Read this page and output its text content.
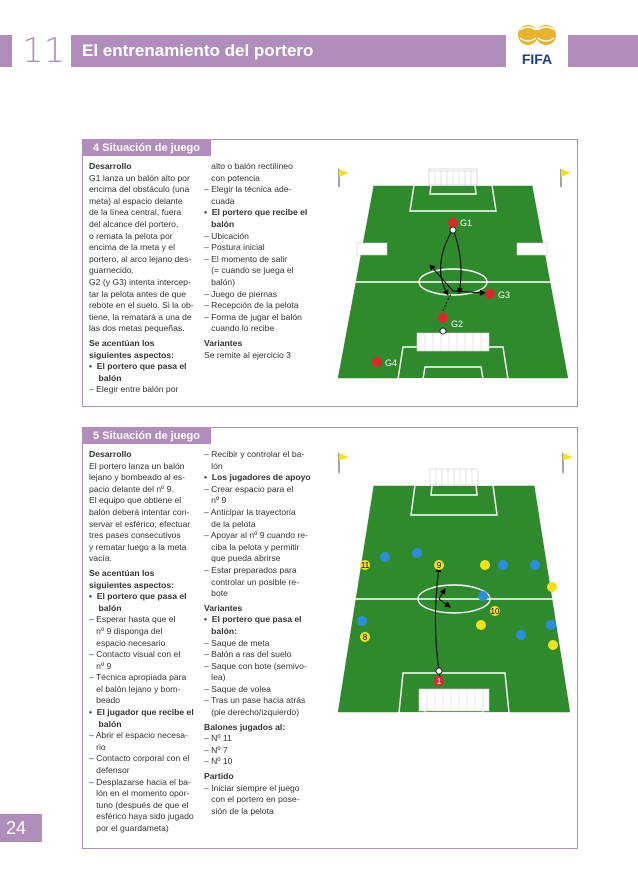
11 El entrenamiento del portero	FIFA
24
4 Situación de juego

Desarrollo

G1 lanza un balón alto por

encima del obstáculo (una

meta) al espacio delante

de la línea central, fuera

del alcance del portero,

o remata la pelota por

encima de la meta y el

portero, al arco lejano des-

guarnecido.

G2 (y G3) intenta intercep-

tar la pelota antes de que

rebote en el suelo. Si la ob-

tiene, la rematará a una de

las dos metas pequeñas.

Se acentúan los

siguientes aspectos:

•  El portero que pasa el

balón

– Elegir entre balón por

alto o balón rectilíneo

con potencia

– Elegir la técnica ade-

cuada

•  El portero que recibe el

balón

– Ubicación

– Postura inicial

– El momento de salir

(= cuando se juega el

balón)

– Juego de piernas

– Recepción de la pelota

– Forma de jugar el balón

cuando lo recibe

Variantes

Se remite al ejercicio 3

G1
G3
G2
G4
5 Situación de juego

Desarrollo

El portero lanza un balón

lejano y bombeado al es-

pacio delante del nº 9.

El equipo que obtiene el

balón deberá intentar con-

servar el esférico, efectuar

tres pases consecutivos

y rematar luego a la meta

vacía.

Se acentúan los

siguientes aspectos:

•  El portero que pasa el

balón

– Esperar hasta que el

nº 9 disponga del

espacio necesario

– Contacto visual con el

nº 9

– Técnica apropiada para

el balón lejano y bom-

beado

•  El jugador que recibe el

balón

– Abrir el espacio necesa-

rio

– Contacto corporal con el

defensor

– Desplazarse hacia el ba-

lón en el momento opor-

tuno (después de que el

esférico haya sido jugado

por el guardameta)

– Recibir y controlar el ba-

lón

•  Los jugadores de apoyo

– Crear espacio para el

nº 9

– Anticipar la trayectoria

de la pelota

– Apoyar al nº 9 cuando re-

ciba la pelota y permitir

que pueda abrirse

– Estar preparados para

controlar un posible re-

bote

Variantes

•  El portero que pasa el

balón:

– Saque de meta

– Balón a ras del suelo

– Saque con bote (semivo-

lea)

– Saque de volea

– Tras un pase hacia atrás

(pie derecho/izquierdo)

Balones jugados al:

– Nº 11

– Nº 7

– Nº 10

Partido

– Iniciar siempre el juego

con el portero en pose-

sión de la pelota

11	9
10
8
1
